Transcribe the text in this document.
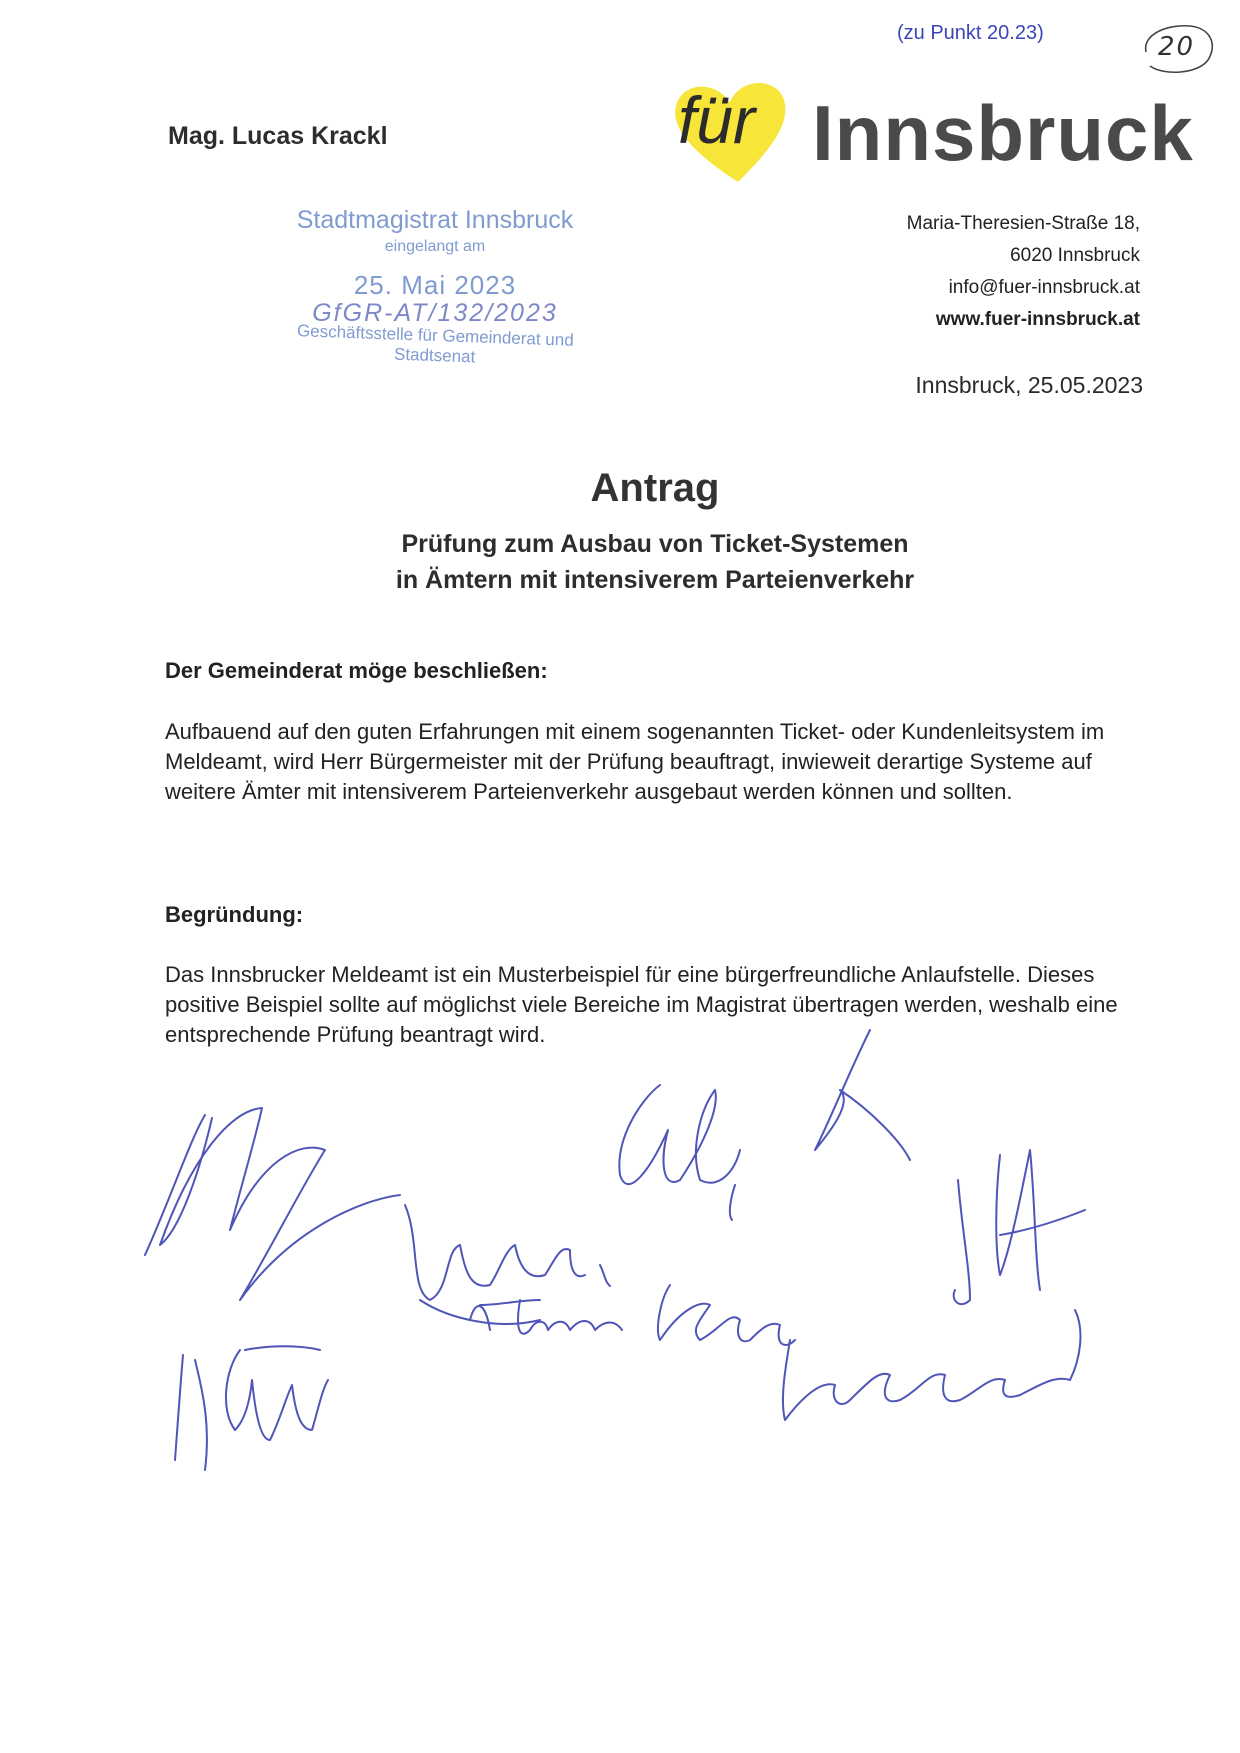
(zu Punkt 20.23)	20
Mag. Lucas Krackl	für Innsbruck
Stadtmagistrat Innsbruck
eingelangt am
25. Mai 2023
GfGR-AT/132/2023
Geschäftsstelle für Gemeinderat und Stadtsenat
Maria-Theresien-Straße 18,
6020 Innsbruck
info@fuer-innsbruck.at
www.fuer-innsbruck.at
Innsbruck, 25.05.2023
Antrag
Prüfung zum Ausbau von Ticket-Systemen
in Ämtern mit intensiverem Parteienverkehr
Der Gemeinderat möge beschließen:
Aufbauend auf den guten Erfahrungen mit einem sogenannten Ticket- oder Kundenleitsystem im Meldeamt, wird Herr Bürgermeister mit der Prüfung beauftragt, inwieweit derartige Systeme auf weitere Ämter mit intensiverem Parteienverkehr ausgebaut werden können und sollten.
Begründung:
Das Innsbrucker Meldeamt ist ein Musterbeispiel für eine bürgerfreundliche Anlaufstelle. Dieses positive Beispiel sollte auf möglichst viele Bereiche im Magistrat übertragen werden, weshalb eine entsprechende Prüfung beantragt wird.
